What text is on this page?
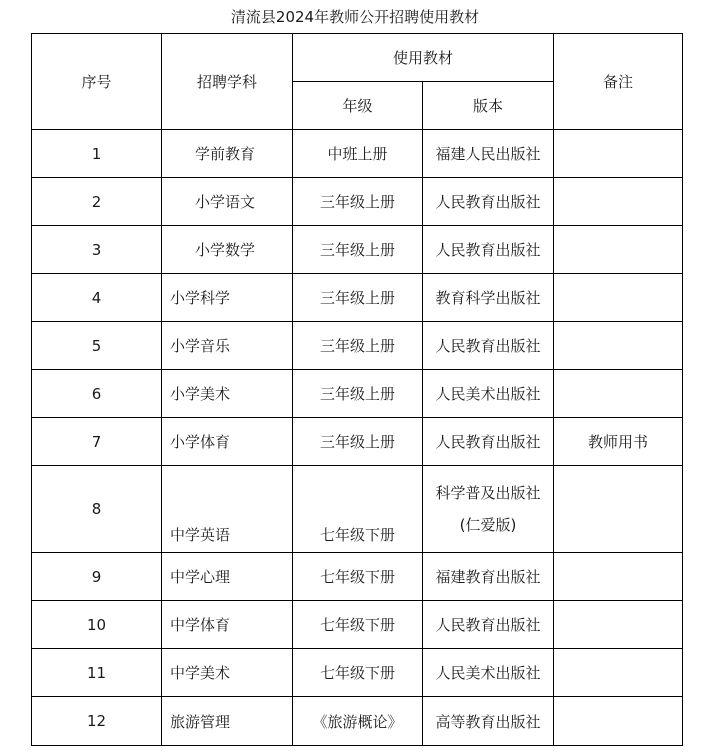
清流县2024年教师公开招聘使用教材
序号	招聘学科	使用教材		备注
		年级	版本	
1	学前教育	中班上册	福建人民出版社	
2	小学语文	三年级上册	人民教育出版社	
3	小学数学	三年级上册	人民教育出版社	
4	小学科学	三年级上册	教育科学出版社	
5	小学音乐	三年级上册	人民教育出版社	
6	小学美术	三年级上册	人民美术出版社	
7	小学体育	三年级上册	人民教育出版社	教师用书
8	中学英语	七年级下册	科学普及出版社
(仁爱版)	

9	中学心理	七年级下册	福建教育出版社	
10	中学体育	七年级下册	人民教育出版社	
11	中学美术	七年级下册	人民美术出版社	
12	旅游管理	《旅游概论》	高等教育出版社	
